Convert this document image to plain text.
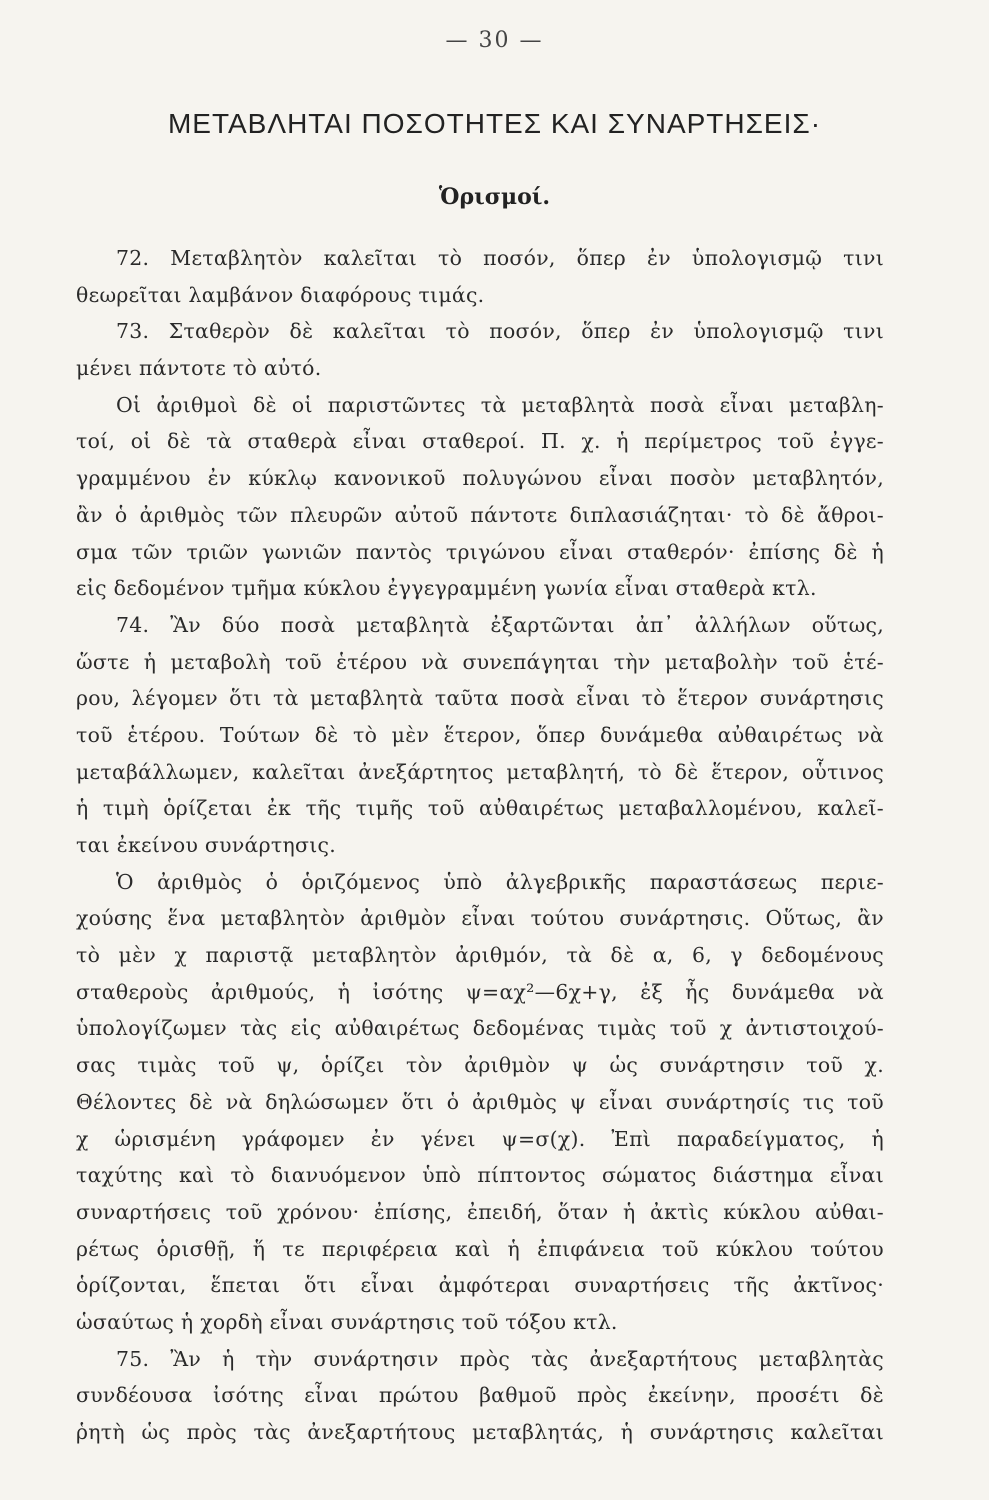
— 30 —
ΜΕΤΑΒΛΗΤΑΙ ΠΟΣΟΤΗΤΕΣ ΚΑΙ ΣΥΝΑΡΤΗΣΕΙΣ·
Ὁρισμοί.
72. Μεταβλητὸν καλεῖται τὸ ποσόν, ὅπερ ἐν ὑπολογισμῷ τινι
θεωρεῖται λαμβάνον διαφόρους τιμάς.
73. Σταθερὸν δὲ καλεῖται τὸ ποσόν, ὅπερ ἐν ὑπολογισμῷ τινι
μένει πάντοτε τὸ αὐτό.
Οἱ ἀριθμοὶ δὲ οἱ παριστῶντες τὰ μεταβλητὰ ποσὰ εἶναι μεταβλη-
τοί, οἱ δὲ τὰ σταθερὰ εἶναι σταθεροί. Π. χ. ἡ περίμετρος τοῦ ἐγγε-
γραμμένου ἐν κύκλῳ κανονικοῦ πολυγώνου εἶναι ποσὸν μεταβλητόν,
ἂν ὁ ἀριθμὸς τῶν πλευρῶν αὐτοῦ πάντοτε διπλασιάζηται· τὸ δὲ ἄθροι-
σμα τῶν τριῶν γωνιῶν παντὸς τριγώνου εἶναι σταθερόν· ἐπίσης δὲ ἡ
εἰς δεδομένον τμῆμα κύκλου ἐγγεγραμμένη γωνία εἶναι σταθερὰ κτλ.
74. Ἂν δύο ποσὰ μεταβλητὰ ἐξαρτῶνται ἀπ᾿ ἀλλήλων οὕτως,
ὥστε ἡ μεταβολὴ τοῦ ἑτέρου νὰ συνεπάγηται τὴν μεταβολὴν τοῦ ἑτέ-
ρου, λέγομεν ὅτι τὰ μεταβλητὰ ταῦτα ποσὰ εἶναι τὸ ἕτερον συνάρτησις
τοῦ ἑτέρου. Τούτων δὲ τὸ μὲν ἕτερον, ὅπερ δυνάμεθα αὐθαιρέτως νὰ
μεταβάλλωμεν, καλεῖται ἀνεξάρτητος μεταβλητή, τὸ δὲ ἕτερον, οὗτινος
ἡ τιμὴ ὁρίζεται ἐκ τῆς τιμῆς τοῦ αὐθαιρέτως μεταβαλλομένου, καλεῖ-
ται ἐκείνου συνάρτησις.
Ὁ ἀριθμὸς ὁ ὁριζόμενος ὑπὸ ἀλγεβρικῆς παραστάσεως περιε-
χούσης ἕνα μεταβλητὸν ἀριθμὸν εἶναι τούτου συνάρτησις. Οὕτως, ἂν
τὸ μὲν χ παριστᾷ μεταβλητὸν ἀριθμόν, τὰ δὲ α, 6, γ δεδομένους
σταθεροὺς ἀριθμούς, ἡ ἰσότης ψ=αχ²—6χ+γ, ἐξ ἧς δυνάμεθα νὰ
ὑπολογίζωμεν τὰς εἰς αὐθαιρέτως δεδομένας τιμὰς τοῦ χ ἀντιστοιχού-
σας τιμὰς τοῦ ψ, ὁρίζει τὸν ἀριθμὸν ψ ὡς συνάρτησιν τοῦ χ.
Θέλοντες δὲ νὰ δηλώσωμεν ὅτι ὁ ἀριθμὸς ψ εἶναι συνάρτησίς τις τοῦ
χ ὡρισμένη γράφομεν ἐν γένει ψ=σ(χ). Ἐπὶ παραδείγματος, ἡ
ταχύτης καὶ τὸ διανυόμενον ὑπὸ πίπτοντος σώματος διάστημα εἶναι
συναρτήσεις τοῦ χρόνου· ἐπίσης, ἐπειδή, ὅταν ἡ ἀκτὶς κύκλου αὐθαι-
ρέτως ὁρισθῇ, ἥ τε περιφέρεια καὶ ἡ ἐπιφάνεια τοῦ κύκλου τούτου
ὁρίζονται, ἕπεται ὅτι εἶναι ἀμφότεραι συναρτήσεις τῆς ἀκτῖνος·
ὡσαύτως ἡ χορδὴ εἶναι συνάρτησις τοῦ τόξου κτλ.
75. Ἂν ἡ τὴν συνάρτησιν πρὸς τὰς ἀνεξαρτήτους μεταβλητὰς
συνδέουσα ἰσότης εἶναι πρώτου βαθμοῦ πρὸς ἐκείνην, προσέτι δὲ
ῥητὴ ὡς πρὸς τὰς ἀνεξαρτήτους μεταβλητάς, ἡ συνάρτησις καλεῖται
